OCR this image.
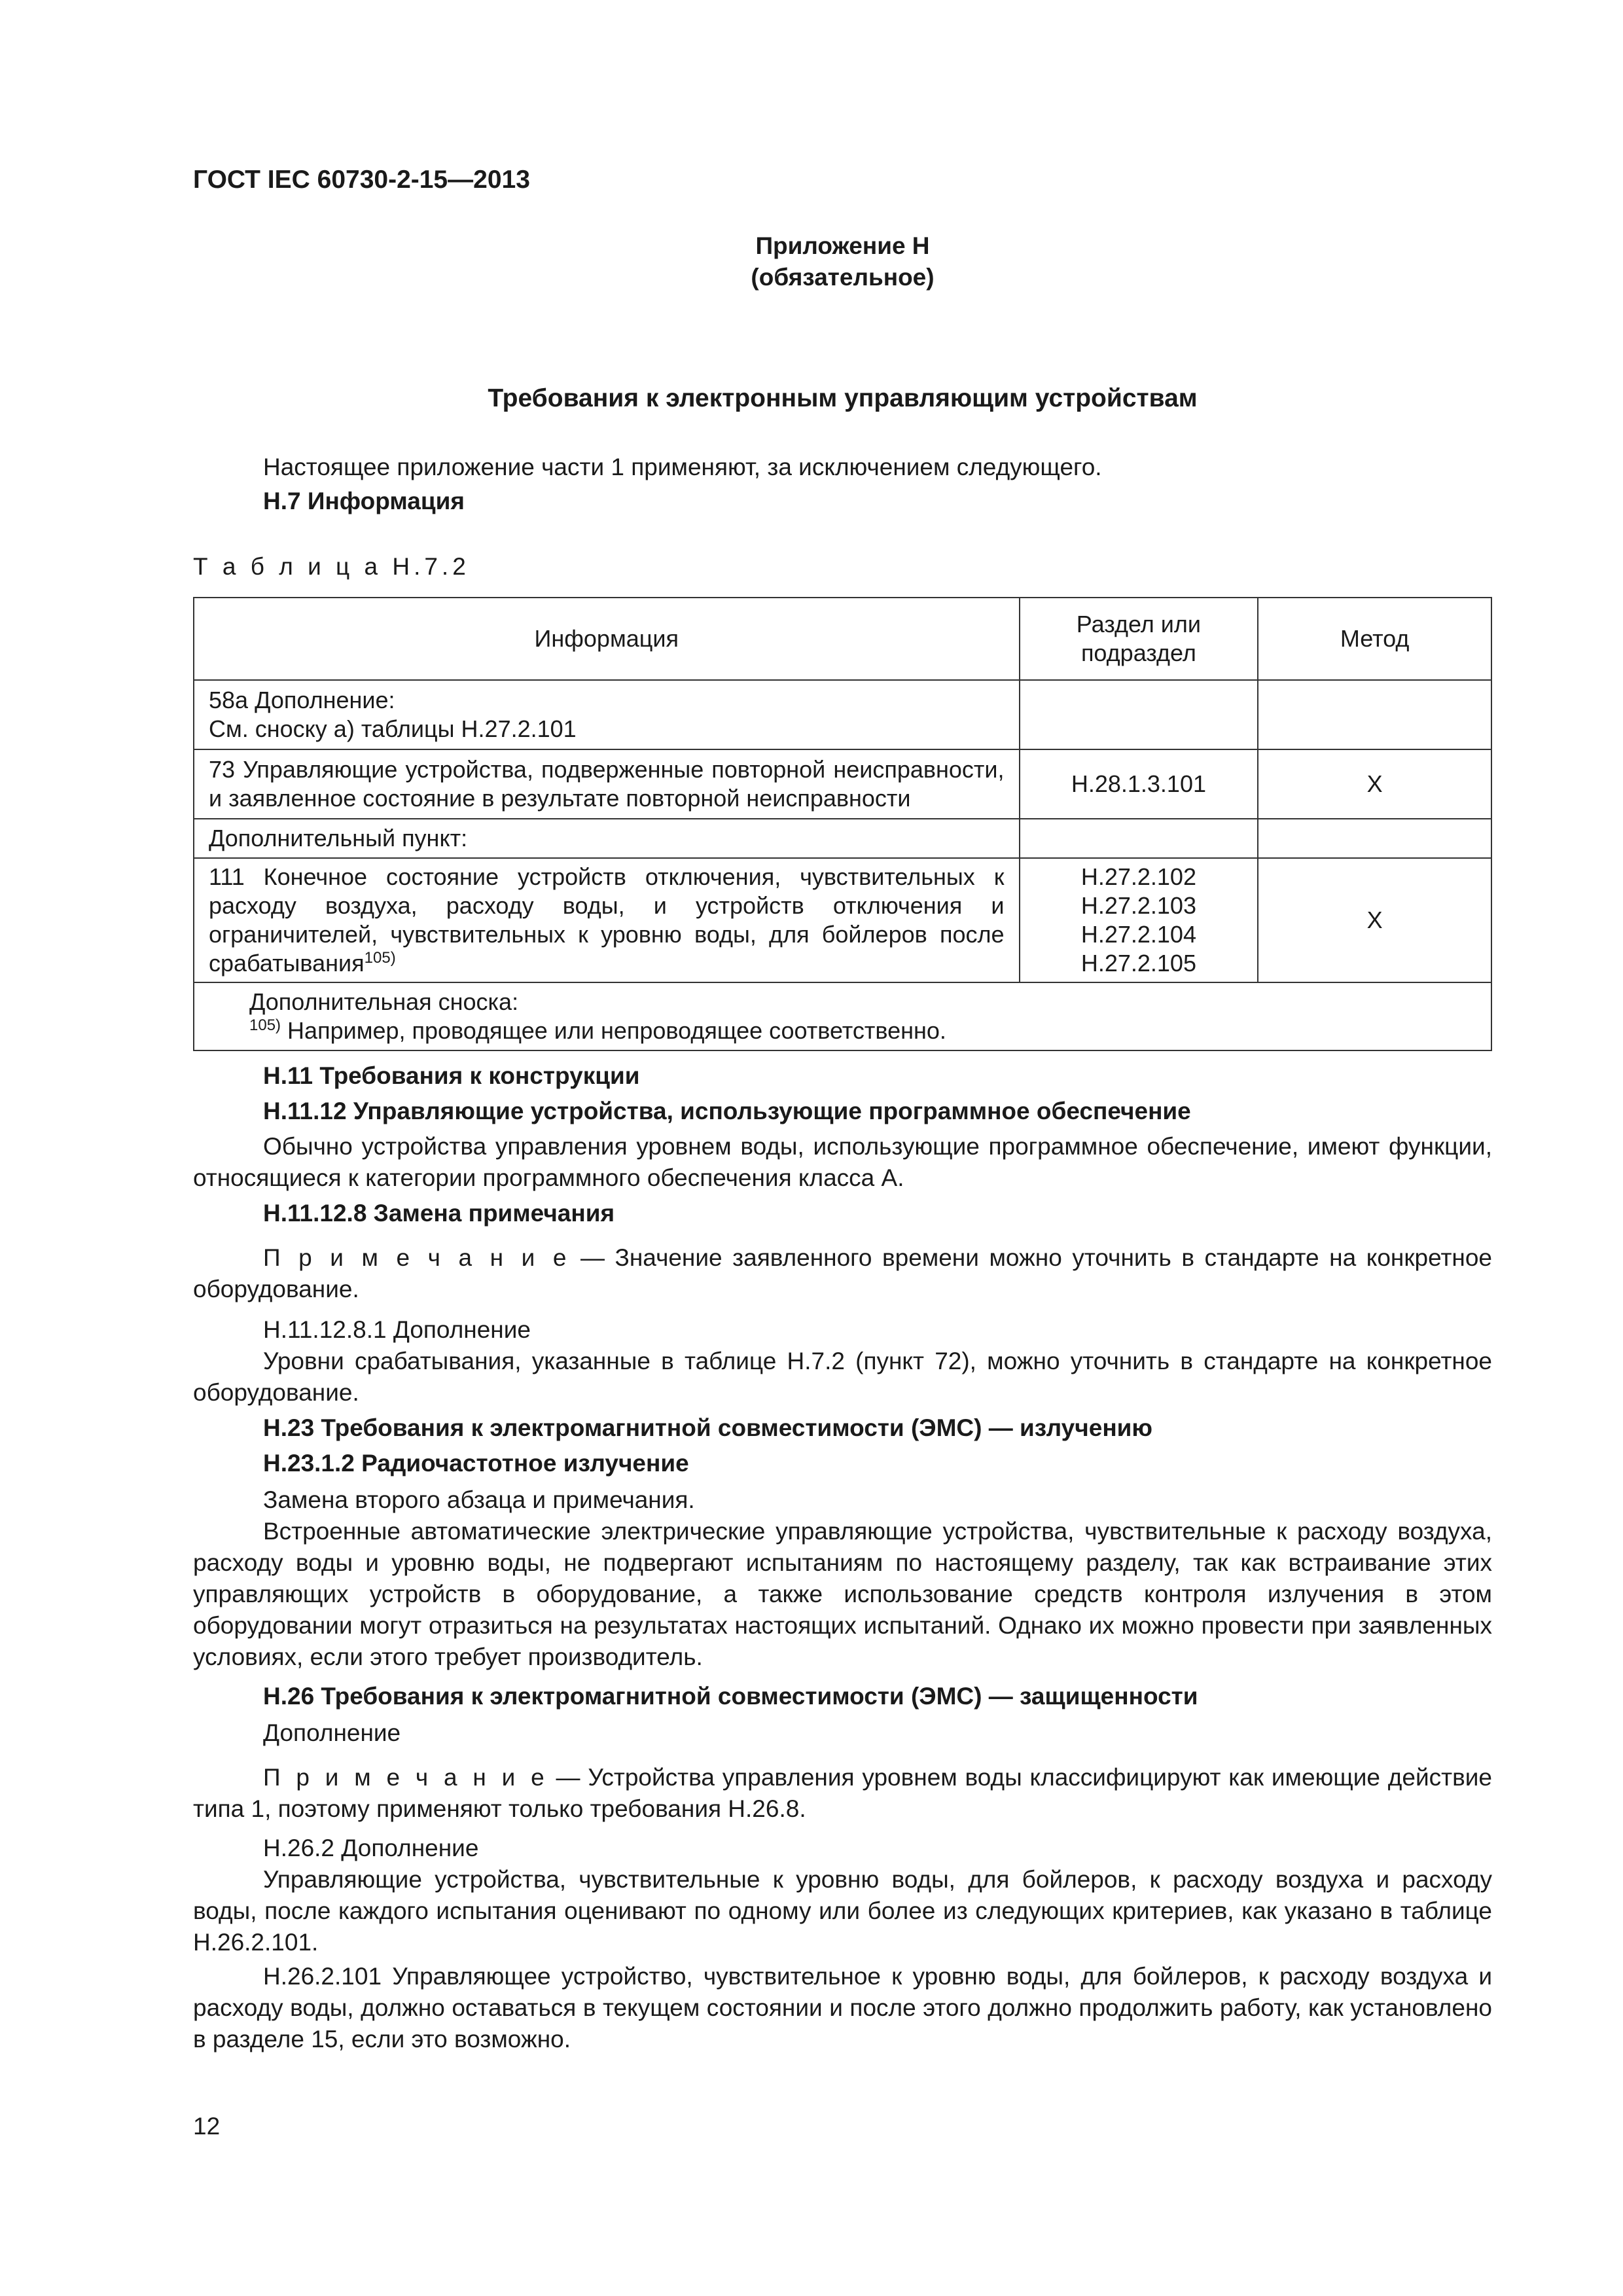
ГОСТ IEC 60730-2-15—2013

Приложение Н

(обязательное)

Требования к электронным управляющим устройствам

Настоящее приложение части 1 применяют, за исключением следующего.

Н.7 Информация

Т а б л и ц а Н.7.2

Информация	Раздел или подраздел	Метод

58а Дополнение:
См. сноску а) таблицы Н.27.2.101		

73 Управляющие устройства, подверженные повторной неисправности, и заявленное состояние в результате повторной неисправности	Н.28.1.3.101	X
Дополнительный пункт:		
111 Конечное состояние устройств отключения, чувствительных к расходу воздуха, расходу воды, и устройств отключения и ограничителей, чувствительных к уровню воды, для бойлеров после срабатывания$^{105)}$	Н.27.2.102
Н.27.2.103
Н.27.2.104
Н.27.2.105	X

Дополнительная сноска:
$^{105)}$ Например, проводящее или непроводящее соответственно.		

Н.11 Требования к конструкции

Н.11.12 Управляющие устройства, использующие программное обеспечение

Обычно устройства управления уровнем воды, использующие программное обеспечение, имеют функции, относящиеся к категории программного обеспечения класса А.

Н.11.12.8 Замена примечания

П р и м е ч а н и е — Значение заявленного времени можно уточнить в стандарте на конкретное оборудование.

Н.11.12.8.1 Дополнение

Уровни срабатывания, указанные в таблице Н.7.2 (пункт 72), можно уточнить в стандарте на конкретное оборудование.

Н.23 Требования к электромагнитной совместимости (ЭМС) — излучению

Н.23.1.2 Радиочастотное излучение

Замена второго абзаца и примечания.

Встроенные автоматические электрические управляющие устройства, чувствительные к расходу воздуха, расходу воды и уровню воды, не подвергают испытаниям по настоящему разделу, так как встраивание этих управляющих устройств в оборудование, а также использование средств контроля излучения в этом оборудовании могут отразиться на результатах настоящих испытаний. Однако их можно провести при заявленных условиях, если этого требует производитель.

Н.26 Требования к электромагнитной совместимости (ЭМС) — защищенности

Дополнение

П р и м е ч а н и е — Устройства управления уровнем воды классифицируют как имеющие действие типа 1, поэтому применяют только требования Н.26.8.

Н.26.2 Дополнение

Управляющие устройства, чувствительные к уровню воды, для бойлеров, к расходу воздуха и расходу воды, после каждого испытания оценивают по одному или более из следующих критериев, как указано в таблице Н.26.2.101.

Н.26.2.101 Управляющее устройство, чувствительное к уровню воды, для бойлеров, к расходу воздуха и расходу воды, должно оставаться в текущем состоянии и после этого должно продолжить работу, как установлено в разделе 15, если это возможно.

12
